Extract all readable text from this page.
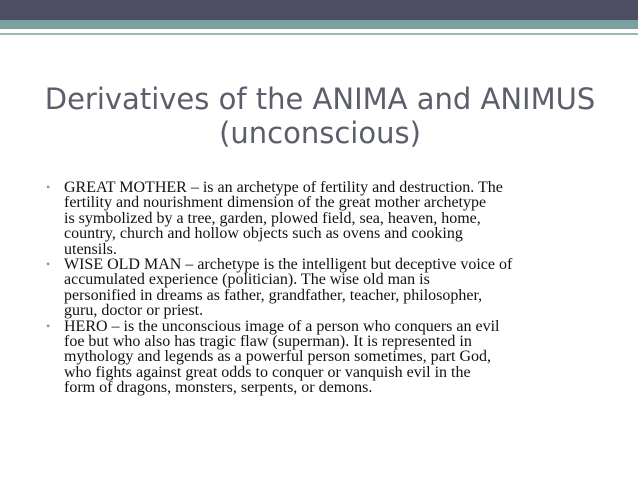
Derivatives of the ANIMA and ANIMUS
(unconscious)
• GREAT MOTHER – is an archetype of fertility and destruction. The
fertility and nourishment dimension of the great mother archetype
is symbolized by a tree, garden, plowed field, sea, heaven, home,
country, church and hollow objects such as ovens and cooking
utensils.
• WISE OLD MAN – archetype is the intelligent but deceptive voice of
accumulated experience (politician). The wise old man is
personified in dreams as father, grandfather, teacher, philosopher,
guru, doctor or priest.
• HERO – is the unconscious image of a person who conquers an evil
foe but who also has tragic flaw (superman). It is represented in
mythology and legends as a powerful person sometimes, part God,
who fights against great odds to conquer or vanquish evil in the
form of dragons, monsters, serpents, or demons.
